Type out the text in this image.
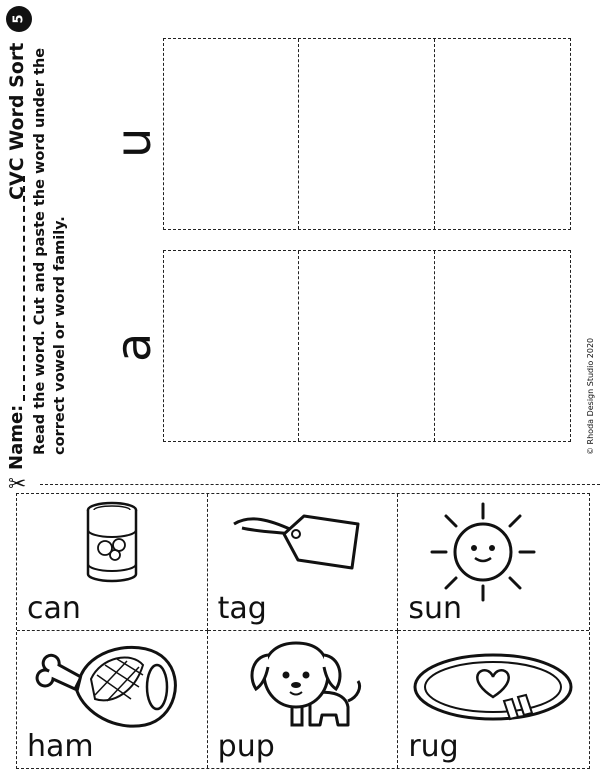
5
CVC Word Sort
Name: Read the word. Cut and paste the word under the correct vowel or word family.	© Rhoda Design Studio 2020
u
a
✂
can	tag	sun
ham	pup	rug
